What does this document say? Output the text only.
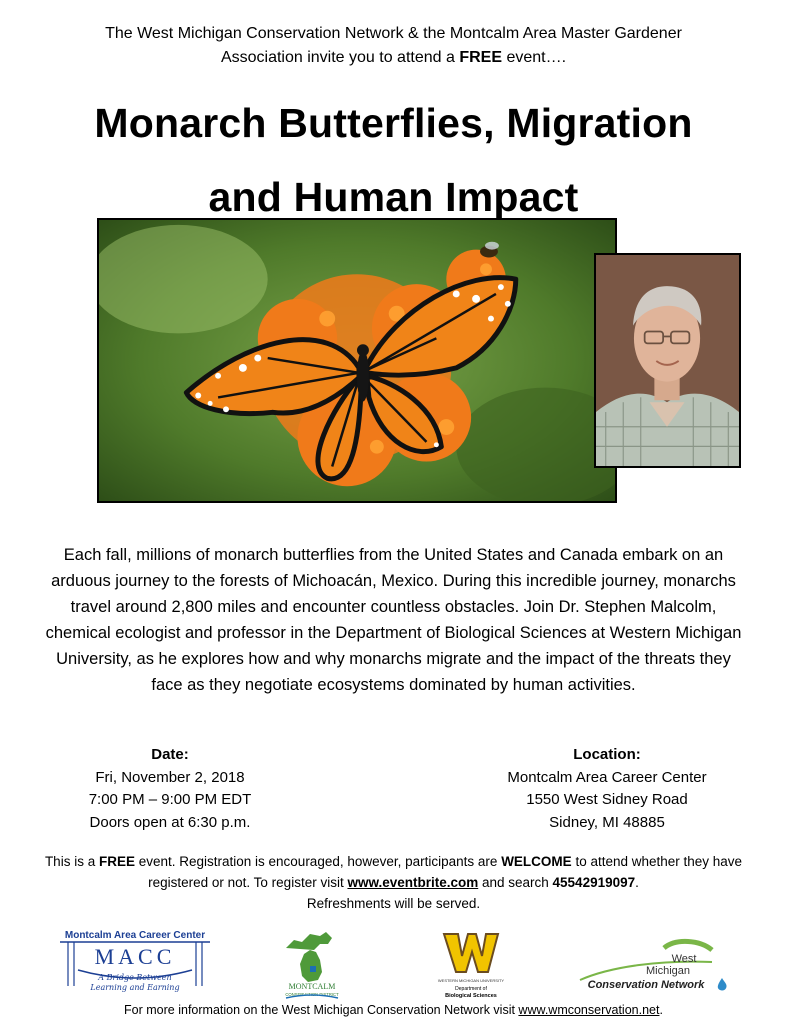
The West Michigan Conservation Network & the Montcalm Area Master Gardener
Association invite you to attend a FREE event….
Monarch Butterflies, Migration
and Human Impact
Each fall, millions of monarch butterflies from the United States and Canada embark on an arduous journey to the forests of Michoacán, Mexico. During this incredible journey, monarchs travel around 2,800 miles and encounter countless obstacles. Join Dr. Stephen Malcolm, chemical ecologist and professor in the Department of Biological Sciences at Western Michigan University, as he explores how and why monarchs migrate and the impact of the threats they face as they negotiate ecosystems dominated by human activities.
Date:
Fri, November 2, 2018
7:00 PM – 9:00 PM EDT
Doors open at 6:30 p.m.
Location:
Montcalm Area Career Center
1550 West Sidney Road
Sidney, MI 48885
This is a FREE event. Registration is encouraged, however, participants are WELCOME to attend whether they have registered or not. To register visit www.eventbrite.com and search 45542919097.
Refreshments will be served.
Montcalm Area Career Center
MACC
A Bridge Between
Learning and Earning	MONTCALM
CONSERVATION DISTRICT
WESTERN MICHIGAN UNIVERSITY
Department of
Biological Sciences
West
Michigan
Conservation Network
For more information on the West Michigan Conservation Network visit www.wmconservation.net.
